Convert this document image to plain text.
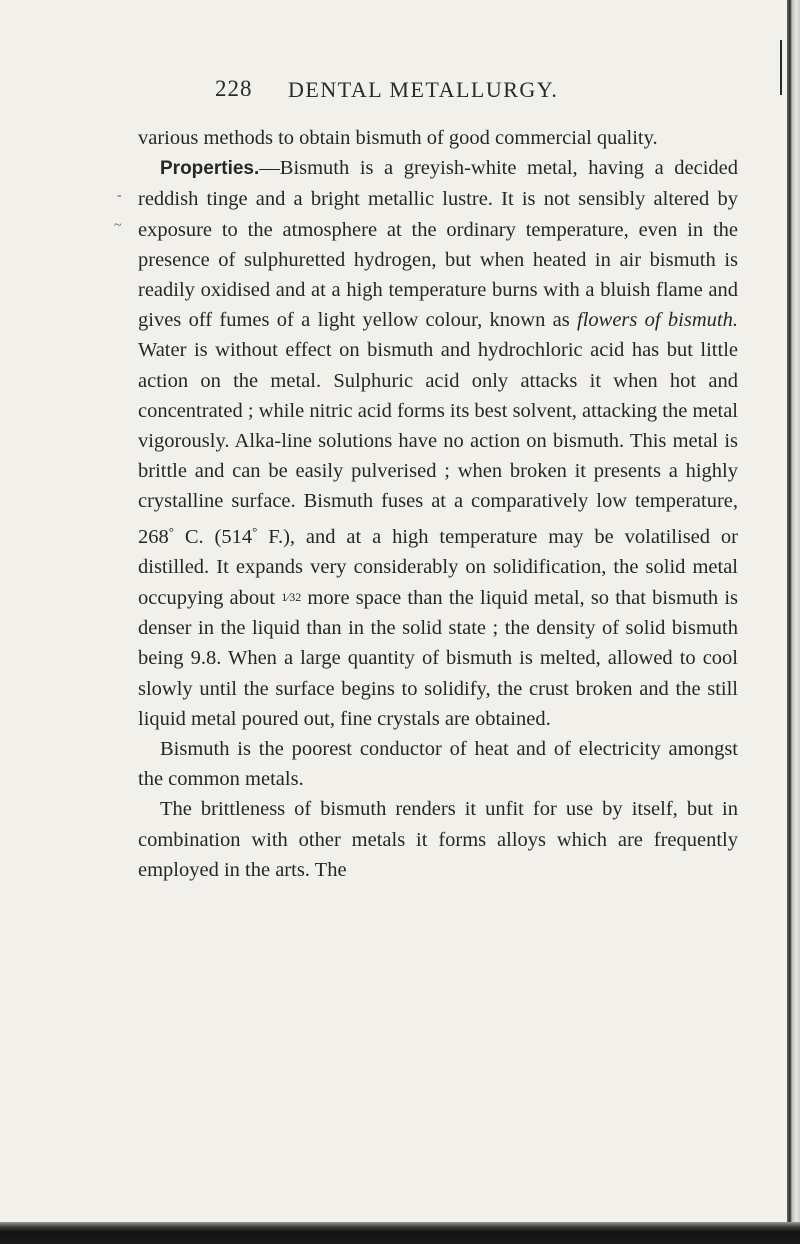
-
~
228 DENTAL METALLURGY.

various methods to obtain bismuth of good commercial quality.

Properties.—Bismuth is a greyish-white metal, having a decided reddish tinge and a bright metallic lustre. It is not sensibly altered by exposure to the atmosphere at the ordinary temperature, even in the presence of sulphuretted hydrogen, but when heated in air bismuth is readily oxidised and at a high temperature burns with a bluish flame and gives off fumes of a light yellow colour, known as flowers of bismuth. Water is without effect on bismuth and hydrochloric acid has but little action on the metal. Sulphuric acid only attacks it when hot and concentrated ; while nitric acid forms its best solvent, attacking the metal vigorously. Alka-line solutions have no action on bismuth. This metal is brittle and can be easily pulverised ; when broken it presents a highly crystalline surface. Bismuth fuses at a comparatively low temperature, 268° C. (514° F.), and at a high temperature may be volatilised or distilled. It expands very considerably on solidification, the solid metal occupying about 1⁄32 more space than the liquid metal, so that bismuth is denser in the liquid than in the solid state ; the density of solid bismuth being 9.8. When a large quantity of bismuth is melted, allowed to cool slowly until the surface begins to solidify, the crust broken and the still liquid metal poured out, fine crystals are obtained.

Bismuth is the poorest conductor of heat and of electricity amongst the common metals.

The brittleness of bismuth renders it unfit for use by itself, but in combination with other metals it forms alloys which are frequently employed in the arts. The
